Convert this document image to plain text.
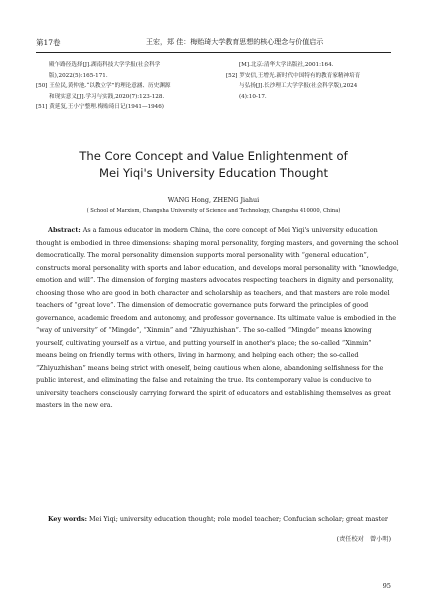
第17卷	王宏，郑 佳：梅贻琦大学教育思想的核心理念与价值启示
殿乍路径选择[J].湖南科技大学学报(社会科学
版),2022(5):165-171.
[50] 王位民,黄仲池.“以教立学”的理论意涵、历史渊源
和现实意义[J].学习与实践,2020(7):123-128.
[51] 黄延复,王小宁整理.梅贻琦日记(1941—1946)
[M].北京:清华大学出版社,2001:164.
[52] 罗安信,王增光.新时代中国特有的教育家精神培育
与弘扬[J].长沙理工大学学报(社会科学版),2024
(4):10-17.
The Core Concept and Value Enlightenment of
Mei Yiqi's University Education Thought
WANG Hong, ZHENG Jiahui
( School of Marxism, Changsha University of Science and Technology, Changsha 410000, China)
Abstract: As a famous educator in modern China, the core concept of Mei Yiqi's university education
thought is embodied in three dimensions: shaping moral personality, forging masters, and governing the school
democratically. The moral personality dimension supports moral personality with “general education”,
constructs moral personality with sports and labor education, and develops moral personality with “knowledge,
emotion and will”. The dimension of forging masters advocates respecting teachers in dignity and personality,
choosing those who are good in both character and scholarship as teachers, and that masters are role model
teachers of “great love”. The dimension of democratic governance puts forward the principles of good
governance, academic freedom and autonomy, and professor governance. Its ultimate value is embodied in the
“way of university” of “Mingde”, “Xinmin” and “Zhiyuzhishan”. The so-called “Mingde” means knowing
yourself, cultivating yourself as a virtue, and putting yourself in another's place; the so-called “Xinmin”
means being on friendly terms with others, living in harmony, and helping each other; the so-called
“Zhiyuzhishan” means being strict with oneself, being cautious when alone, abandoning selfishness for the
public interest, and eliminating the false and retaining the true. Its contemporary value is conducive to
university teachers consciously carrying forward the spirit of educators and establishing themselves as great
masters in the new era.
Key words: Mei Yiqi; university education thought; role model teacher; Confucian scholar; great master
(责任校对　曾小明)
95
